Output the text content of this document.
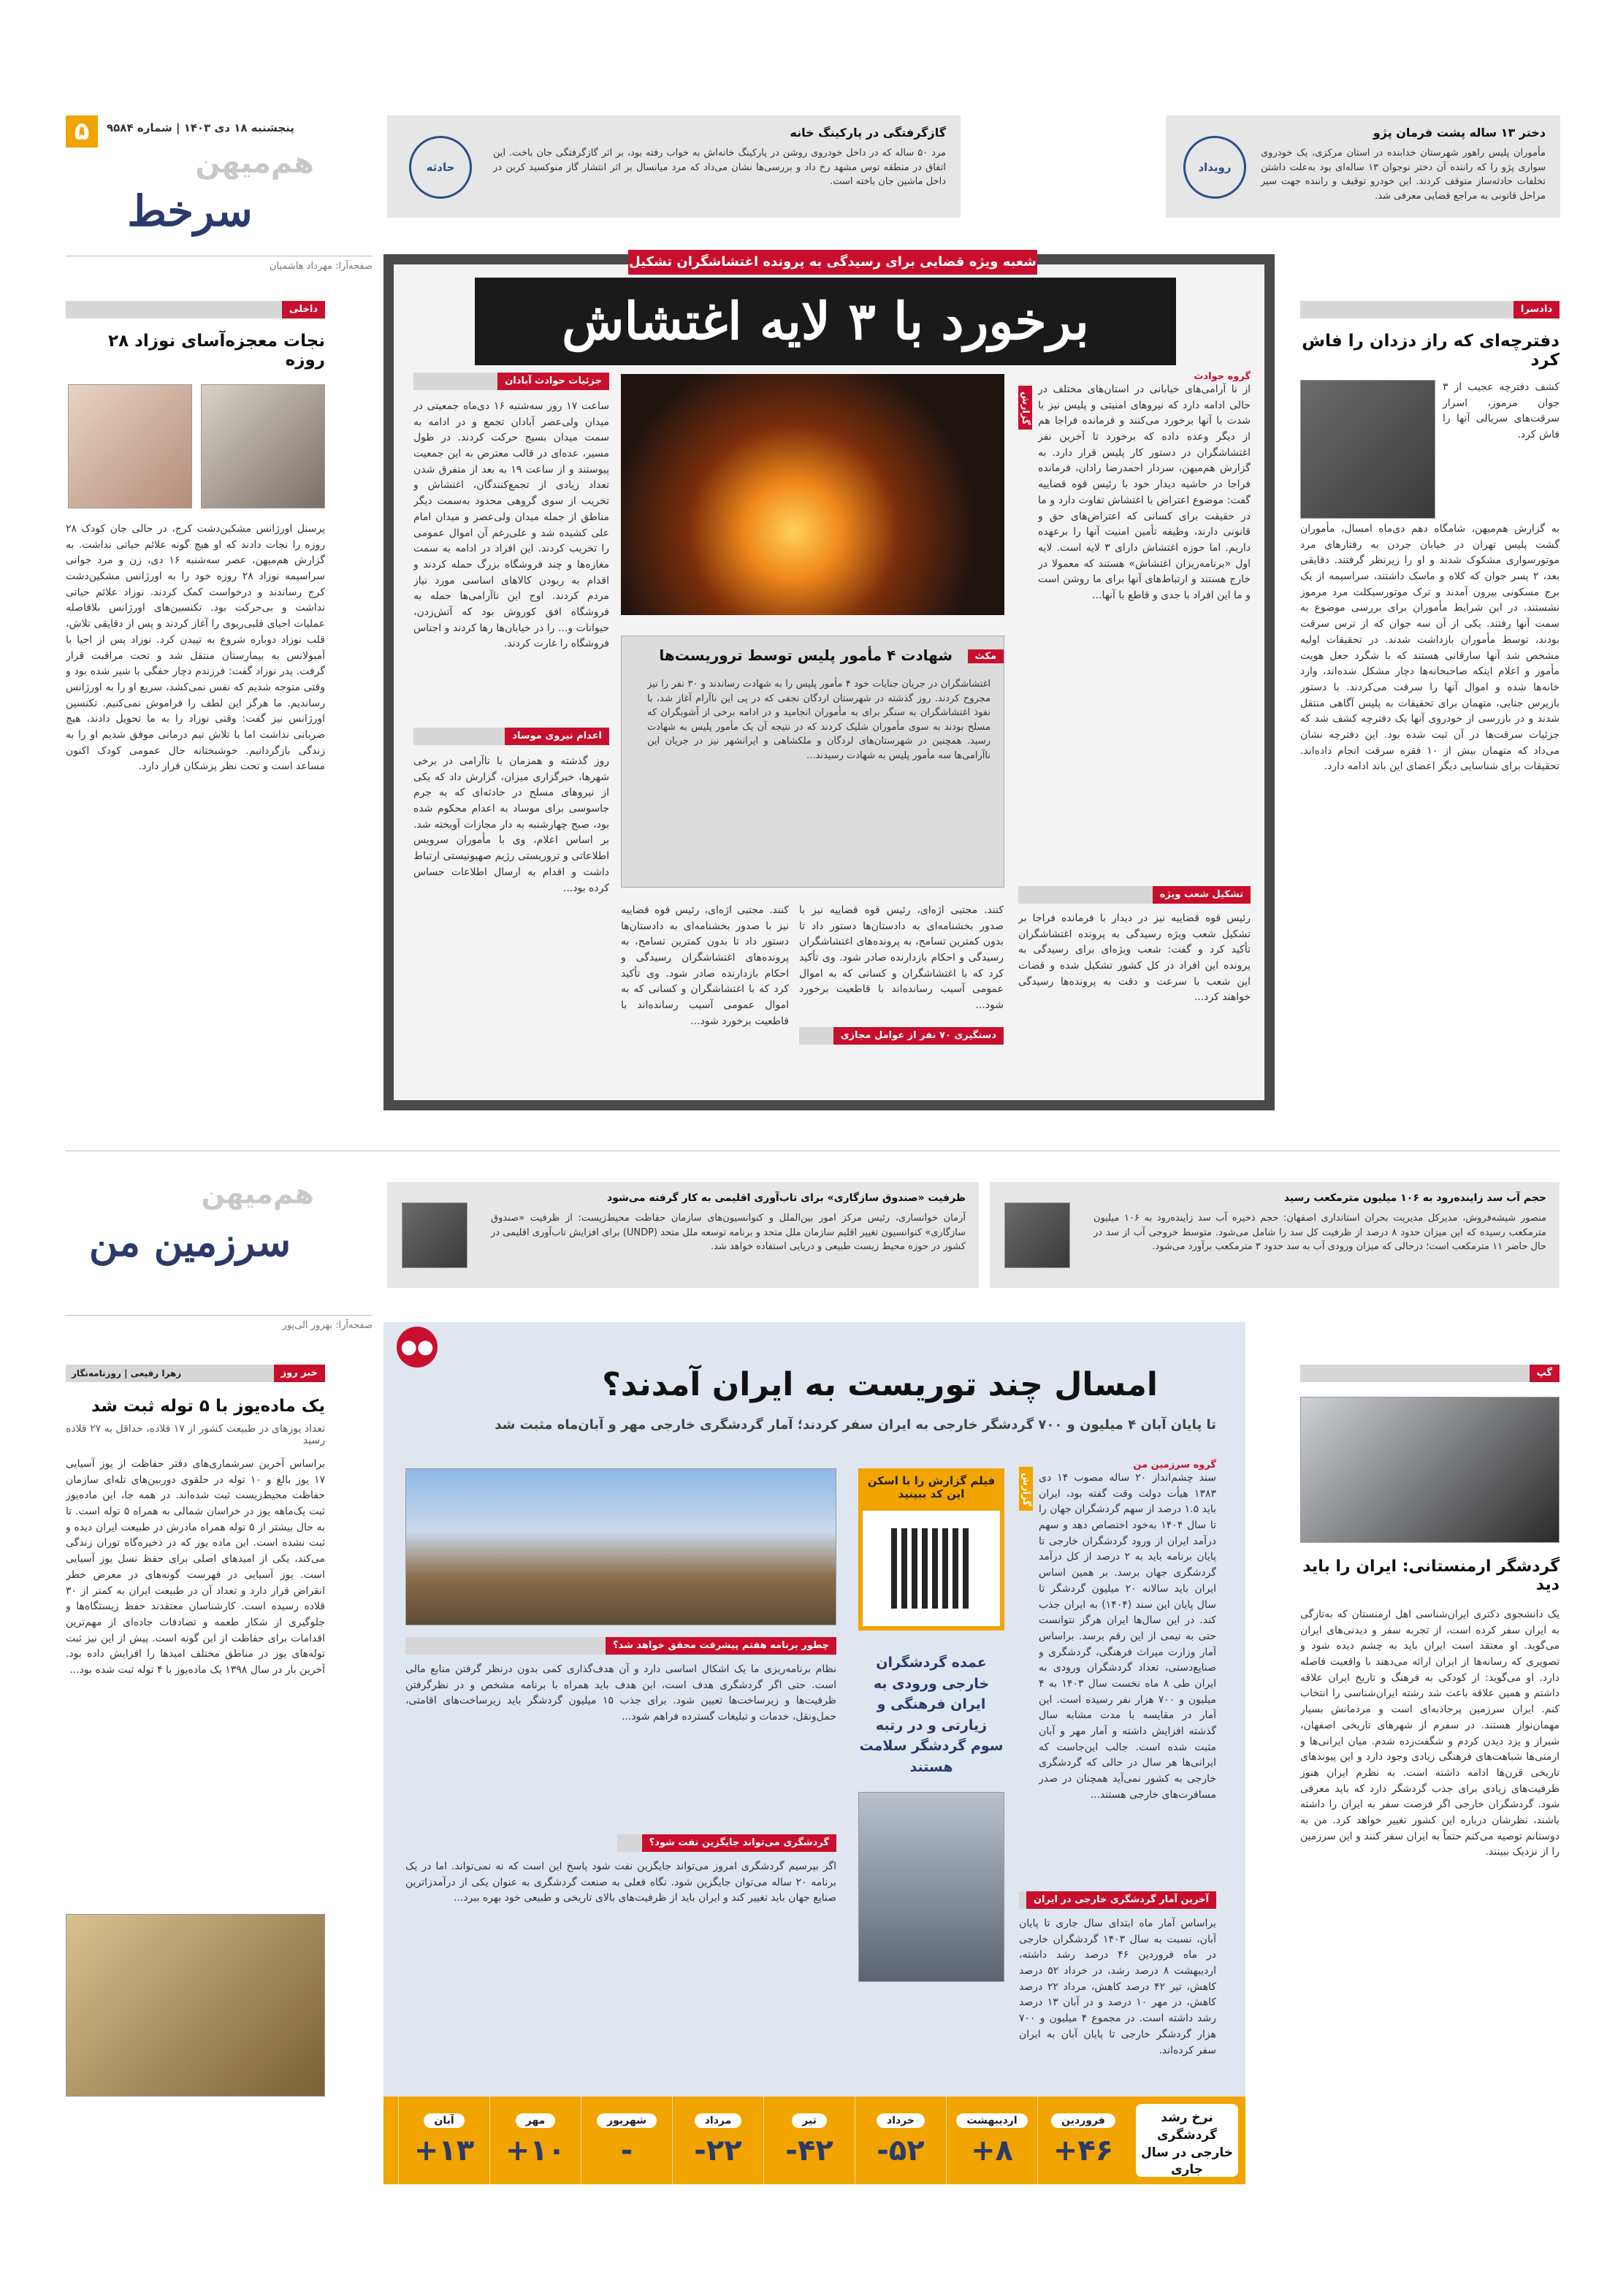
۵	پنجشنبه ۱۸ دی ۱۴۰۳ | شماره ۹۵۸۴
هم‌میهن
سرخط
صفحه‌آرا: مهرداد هاشمیان
رویداد
دختر ۱۳ ساله پشت فرمان پژو
مأموران پلیس راهور شهرستان خدابنده در استان مرکزی، یک خودروی سواری پژو را که راننده آن دختر نوجوان ۱۳ ساله‌ای بود به‌علت داشتن تخلفات حادثه‌ساز متوقف کردند. این خودرو توقیف و راننده جهت سیر مراحل قانونی به مراجع قضایی معرفی شد.
حادثه
گازگرفتگی در پارکینگ خانه
مرد ۵۰ ساله که در داخل خودروی روشن در پارکینگ خانه‌اش به خواب رفته بود، بر اثر گازگرفتگی جان باخت. این اتفاق در منطقه توس مشهد رخ داد و بررسی‌ها نشان می‌داد که مرد میانسال بر اثر انتشار گاز منوکسید کربن در داخل ماشین جان باخته است.
دادسرا
دفترچه‌ای که راز دزدان را فاش کرد
کشف دفترچه عجیب از ۳ جوان مرموز، اسرار سرقت‌های سریالی آنها را فاش کرد.
به گزارش هم‌میهن، شامگاه دهم دی‌ماه امسال، مأموران گشت پلیس تهران در خیابان جردن به رفتارهای مرد موتورسواری مشکوک شدند و او را زیرنظر گرفتند. دقایقی بعد، ۲ پسر جوان که کلاه و ماسک داشتند، سراسیمه از یک برج مسکونی بیرون آمدند و ترک موتورسیکلت مرد مرموز نشستند. در این شرایط مأموران برای بررسی موضوع به سمت آنها رفتند. یکی از آن سه جوان که از ترس سرقت بودند، توسط مأموران بازداشت شدند. در تحقیقات اولیه مشخص شد آنها سارقانی هستند که با شگرد جعل هویت مأمور و اعلام اینکه صاحبخانه‌ها دچار مشکل شده‌اند، وارد خانه‌ها شده و اموال آنها را سرقت می‌کردند. با دستور بازپرس جنایی، متهمان برای تحقیقات به پلیس آگاهی منتقل شدند و در بازرسی از خودروی آنها یک دفترچه کشف شد که جزئیات سرقت‌ها در آن ثبت شده بود. این دفترچه نشان می‌داد که متهمان بیش از ۱۰ فقره سرقت انجام داده‌اند. تحقیقات برای شناسایی دیگر اعضای این باند ادامه دارد.
داخلی
نجات معجزه‌آسای نوزاد ۲۸ روزه
پرسنل اورژانس مشکین‌دشت کرج، در حالی جان کودک ۲۸ روزه را نجات دادند که او هیچ گونه علائم حیاتی نداشت. به گزارش هم‌میهن، عصر سه‌شنبه ۱۶ دی، زن و مرد جوانی سراسیمه نوزاد ۲۸ روزه خود را به اورژانس مشکین‌دشت کرج رساندند و درخواست کمک کردند. نوزاد علائم حیاتی نداشت و بی‌حرکت بود. تکنسین‌های اورژانس بلافاصله عملیات احیای قلبی‌ریوی را آغاز کردند و پس از دقایقی تلاش، قلب نوزاد دوباره شروع به تپیدن کرد. نوزاد پس از احیا با آمبولانس به بیمارستان منتقل شد و تحت مراقبت قرار گرفت. پدر نوزاد گفت: فرزندم دچار خفگی با شیر شده بود و وقتی متوجه شدیم که نفس نمی‌کشد، سریع او را به اورژانس رساندیم. ما هرگز این لطف را فراموش نمی‌کنیم. تکنسین اورژانس نیز گفت: وقتی نوزاد را به ما تحویل دادند، هیچ ضربانی نداشت اما با تلاش تیم درمانی موفق شدیم او را به زندگی بازگردانیم. خوشبختانه حال عمومی کودک اکنون مساعد است و تحت نظر پزشکان قرار دارد.
شعبه ویژه قضایی برای رسیدگی به پرونده اغتشاشگران تشکیل
برخورد با ۳ لایه اغتشاش
گروه حوادث
از نا آرامی‌های خیابانی در استان‌های مختلف در حالی ادامه دارد که نیروهای امنیتی و پلیس نیز با شدت با آنها برخورد می‌کنند و فرمانده فراجا هم از دیگر وعده داده که برخورد تا آخرین نفر اغتشاشگران در دستور کار پلیس قرار دارد. به گزارش هم‌میهن، سردار احمدرضا رادان، فرمانده فراجا در حاشیه دیدار خود با رئیس قوه قضاییه گفت: موضوع اعتراض با اغتشاش تفاوت دارد و ما در حقیقت برای کسانی که اعتراض‌های حق و قانونی دارند، وظیفه تأمین امنیت آنها را برعهده داریم. اما حوزه اغتشاش دارای ۳ لایه است. لایه اول «برنامه‌ریزان اغتشاش» هستند که معمولا در خارج هستند و ارتباط‌های آنها برای ما روشن است و ما این افراد با جدی و قاطع با آنها...
گزارش
تشکیل شعب ویژه
رئیس قوه قضاییه نیز در دیدار با فرمانده فراجا بر تشکیل شعب ویژه رسیدگی به پرونده اغتشاشگران تأکید کرد و گفت: شعب ویژه‌ای برای رسیدگی به پرونده این افراد در کل کشور تشکیل شده و قضات این شعب با سرعت و دقت به پرونده‌ها رسیدگی خواهند کرد...
جزئیات حوادث آبادان
ساعت ۱۷ روز سه‌شنبه ۱۶ دی‌ماه جمعیتی در میدان ولی‌عصر آبادان تجمع و در ادامه به سمت میدان بسیج حرکت کردند. در طول مسیر، عده‌ای در قالب معترض به این جمعیت پیوستند و از ساعت ۱۹ به بعد از متفرق شدن تعداد زیادی از تجمع‌کنندگان، اغتشاش و تخریب از سوی گروهی محدود به‌سمت دیگر مناطق از جمله میدان ولی‌عصر و میدان امام علی کشیده شد و علی‌رغم آن اموال عمومی را تخریب کردند. این افراد در ادامه به سمت مغازه‌ها و چند فروشگاه بزرگ حمله کردند و اقدام به ربودن کالاهای اساسی مورد نیاز مردم کردند. اوج این ناآرامی‌ها حمله به فروشگاه افق کوروش بود که آتش‌زدن، حیوانات و... را در خیابان‌ها رها کردند و اجناس فروشگاه را غارت کردند.
اعدام نیروی موساد
روز گذشته و همزمان با ناآرامی در برخی شهرها، خبرگزاری میزان، گزارش داد که یکی از نیروهای مسلح در حادثه‌ای که به جرم جاسوسی برای موساد به اعدام محکوم شده بود، صبح چهارشنبه به دار مجازات آویخته شد. بر اساس اعلام، وی با مأموران سرویس اطلاعاتی و تروریستی رژیم صهیونیستی ارتباط داشت و اقدام به ارسال اطلاعات حساس کرده بود...
مکث
شهادت ۴ مأمور پلیس توسط تروریست‌ها
اغتشاشگران در جریان جنایات خود ۴ مأمور پلیس را به شهادت رساندند و ۳۰ نفر را نیز مجروح کردند. روز گذشته در شهرستان اردگان نجفی که در پی این ناآرام آغاز شد، با نفوذ اغتشاشگران به سنگر برای به مأموران انجامید و در ادامه برخی از آشوبگران که مسلح بودند به سوی مأموران شلیک کردند که در نتیجه آن یک مأمور پلیس به شهادت رسید. همچنین در شهرستان‌های لردگان و ملکشاهی و ایرانشهر نیز در جریان این ناآرامی‌ها سه مأمور پلیس به شهادت رسیدند...
کنند. مجتبی اژه‌ای، رئیس قوه قضاییه نیز با صدور بخشنامه‌ای به دادستان‌ها دستور داد تا بدون کمترین تسامح، به پرونده‌های اغتشاشگران رسیدگی و احکام بازدارنده صادر شود. وی تأکید کرد که با اغتشاشگران و کسانی که به اموال عمومی آسیب رسانده‌اند با قاطعیت برخورد شود...
دستگیری ۷۰ نفر از عوامل مجازی
کنند. مجتبی اژه‌ای، رئیس قوه قضاییه نیز با صدور بخشنامه‌ای به دادستان‌ها دستور داد تا بدون کمترین تسامح، به پرونده‌های اغتشاشگران رسیدگی و احکام بازدارنده صادر شود. وی تأکید کرد که با اغتشاشگران و کسانی که به اموال عمومی آسیب رسانده‌اند با قاطعیت برخورد شود...
هم‌میهن
سرزمین من
صفحه‌آرا: بهروز الی‌پور
حجم آب سد زاینده‌رود به ۱۰۶ میلیون مترمکعب رسید
منصور شیشه‌فروش، مدیرکل مدیریت بحران استانداری اصفهان: حجم ذخیره آب سد زاینده‌رود به ۱۰۶ میلیون مترمکعب رسیده که این میزان حدود ۸ درصد از ظرفیت کل سد را شامل می‌شود. متوسط خروجی آب از سد در حال حاضر ۱۱ مترمکعب است؛ درحالی که میزان ورودی آب به سد حدود ۳ مترمکعب برآورد می‌شود.
ظرفیت «صندوق سازگاری» برای تاب‌آوری اقلیمی به کار گرفته می‌شود
آرمان خوانساری، رئیس مرکز امور بین‌الملل و کنوانسیون‌های سازمان حفاظت محیط‌زیست: از ظرفیت «صندوق سازگاری» کنوانسیون تغییر اقلیم سازمان ملل متحد و برنامه توسعه ملل متحد (UNDP) برای افزایش تاب‌آوری اقلیمی در کشور در حوزه محیط زیست طبیعی و دریایی استفاده خواهد شد.
●●
امسال چند توریست به ایران آمدند؟
تا پایان آبان ۴ میلیون و ۷۰۰ گردشگر خارجی به ایران سفر کردند؛ آمار گردشگری خارجی مهر و آبان‌ماه مثبت شد
گروه سرزمین من
سند چشم‌انداز ۲۰ ساله مصوب ۱۴ دی ۱۳۸۳ هیأت دولت وقت گفته بود، ایران باید ۱.۵ درصد از سهم گردشگران جهان را تا سال ۱۴۰۴ به‌خود اختصاص دهد و سهم درآمد ایران از ورود گردشگران خارجی تا پایان برنامه باید به ۲ درصد از کل درآمد گردشگری جهان برسد. بر همین اساس ایران باید سالانه ۲۰ میلیون گردشگر تا سال پایان این سند (۱۴۰۴) به ایران جذب کند. در این سال‌ها ایران هرگز نتوانست حتی به نیمی از این رقم برسد. براساس آمار وزارت میراث فرهنگی، گردشگری و صنایع‌دستی، تعداد گردشگران ورودی به ایران طی ۸ ماه نخست سال ۱۴۰۳ به ۴ میلیون و ۷۰۰ هزار نفر رسیده است. این آمار در مقایسه با مدت مشابه سال گذشته افزایش داشته و آمار مهر و آبان مثبت شده است. جالب این‌جاست که ایرانی‌ها هر سال در حالی که گردشگری خارجی به کشور نمی‌آید همچنان در صدر مسافرت‌های خارجی هستند...
گزارش
آخرین آمار گردشگری خارجی در ایران
براساس آمار ماه ابتدای سال جاری تا پایان آبان، نسبت به سال ۱۴۰۳ گردشگران خارجی در ماه فروردین ۴۶ درصد رشد داشته، اردیبهشت ۸ درصد رشد، در خرداد ۵۲ درصد کاهش، تیر ۴۲ درصد کاهش، مرداد ۲۲ درصد کاهش، در مهر ۱۰ درصد و در آبان ۱۳ درصد رشد داشته است. در مجموع ۴ میلیون و ۷۰۰ هزار گردشگر خارجی تا پایان آبان به ایران سفر کرده‌اند.
فیلم گزارش را با اسکن این کد ببینید
عمده گردشگران خارجی ورودی به ایران فرهنگی و زیارتی و در رتبه سوم گردشگر سلامت هستند
چطور برنامه هفتم پیشرفت محقق خواهد شد؟
نظام برنامه‌ریزی ما یک اشکال اساسی دارد و آن هدف‌گذاری کمی بدون درنظر گرفتن منابع مالی است. حتی اگر گردشگری هدف است، این هدف باید همراه با برنامه مشخص و در نظرگرفتن ظرفیت‌ها و زیرساخت‌ها تعیین شود. برای جذب ۱۵ میلیون گردشگر باید زیرساخت‌های اقامتی، حمل‌ونقل، خدمات و تبلیغات گسترده فراهم شود...
گردشگری می‌تواند جایگزین نفت شود؟
اگر بپرسیم گردشگری امروز می‌تواند جایگزین نفت شود پاسخ این است که نه نمی‌تواند. اما در یک برنامه ۲۰ ساله می‌توان جایگزین شود. نگاه فعلی به صنعت گردشگری به عنوان یکی از درآمدزاترین صنایع جهان باید تغییر کند و ایران باید از ظرفیت‌های بالای تاریخی و طبیعی خود بهره ببرد...
نرخ رشد گردشگری خارجی در سال جاری
فروردین
+۴۶
اردیبهشت
+۸
خرداد
-۵۲
تیر
-۴۲
مرداد
-۲۲
شهریور
-
مهر
+۱۰
آبان
+۱۳
گپ
گردشگر ارمنستانی: ایران را باید دید
یک دانشجوی دکتری ایران‌شناسی اهل ارمنستان که به‌تازگی به ایران سفر کرده است، از تجربه سفر و دیدنی‌های ایران می‌گوید. او معتقد است ایران باید به چشم دیده شود و تصویری که رسانه‌ها از ایران ارائه می‌دهند با واقعیت فاصله دارد. او می‌گوید: از کودکی به فرهنگ و تاریخ ایران علاقه داشتم و همین علاقه باعث شد رشته ایران‌شناسی را انتخاب کنم. ایران سرزمین پرجاذبه‌ای است و مردمانش بسیار مهمان‌نواز هستند. در سفرم از شهرهای تاریخی اصفهان، شیراز و یزد دیدن کردم و شگفت‌زده شدم. میان ایرانی‌ها و ارمنی‌ها شباهت‌های فرهنگی زیادی وجود دارد و این پیوندهای تاریخی قرن‌ها ادامه داشته است. به نظرم ایران هنوز ظرفیت‌های زیادی برای جذب گردشگر دارد که باید معرفی شود. گردشگران خارجی اگر فرصت سفر به ایران را داشته باشند، نظرشان درباره این کشور تغییر خواهد کرد. من به دوستانم توصیه می‌کنم حتماً به ایران سفر کنند و این سرزمین را از نزدیک ببینند.
خبر روز
زهرا رفیعی | روزنامه‌نگار
یک ماده‌یوز با ۵ توله ثبت شد
تعداد یوزهای در طبیعت کشور از ۱۷ قلاده، حداقل به ۲۷ قلاده رسید
براساس آخرین سرشماری‌های دفتر حفاظت از یوز آسیایی ۱۷ یوز بالغ و ۱۰ توله در حلقوی دوربین‌های تله‌ای سازمان حفاظت محیط‌زیست ثبت شده‌اند. در همه جا، این ماده‌یوز ثبت یک‌ماهه یوز در خراسان شمالی به همراه ۵ توله است. تا به حال بیشتر از ۵ توله همراه مادرش در طبیعت ایران دیده و ثبت نشده است. این ماده یوز که در ذخیره‌گاه توران زندگی می‌کند، یکی از امیدهای اصلی برای حفظ نسل یوز آسیایی است. یوز آسیایی در فهرست گونه‌های در معرض خطر انقراض قرار دارد و تعداد آن در طبیعت ایران به کمتر از ۳۰ قلاده رسیده است. کارشناسان معتقدند حفظ زیستگاه‌ها و جلوگیری از شکار طعمه و تصادفات جاده‌ای از مهم‌ترین اقدامات برای حفاظت از این گونه است. پیش از این نیز ثبت توله‌های یوز در مناطق مختلف امیدها را افزایش داده بود. آخرین بار در سال ۱۳۹۸ یک ماده‌یوز با ۴ توله ثبت شده بود...
